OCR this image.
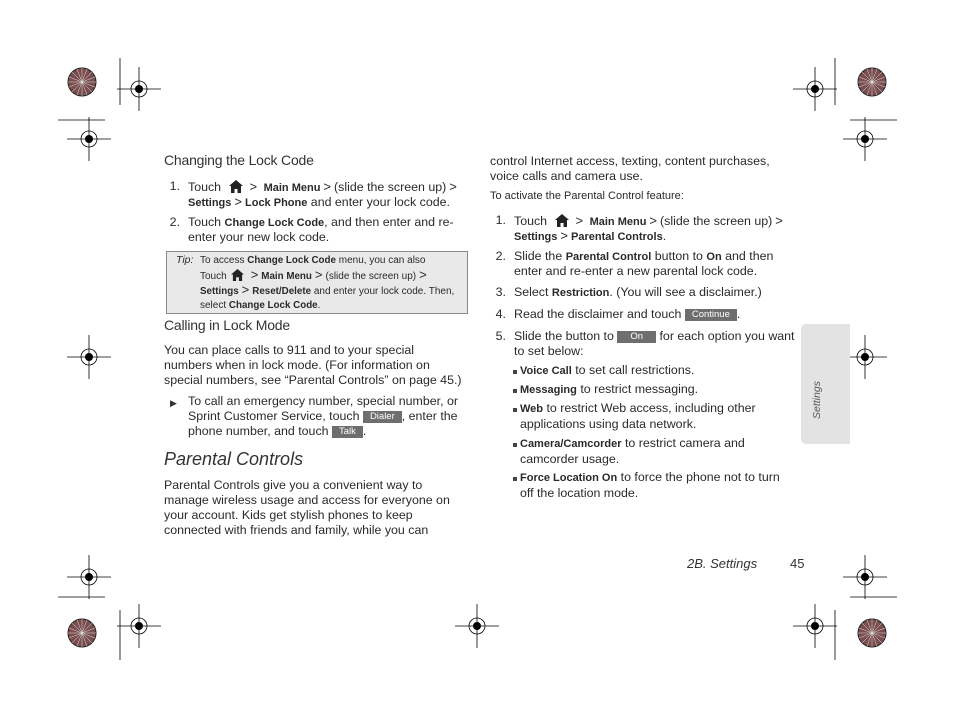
Changing the Lock Code
1. Touch > Main Menu > (slide the screen up) >
Settings > Lock Phone and enter your lock code.
2. Touch Change Lock Code, and then enter and re-
enter your new lock code.
Tip: To access Change Lock Code menu, you can also
Touch > Main Menu > (slide the screen up) >
Settings > Reset/Delete and enter your lock code. Then,
select Change Lock Code.
Calling in Lock Mode
You can place calls to 911 and to your special
numbers when in lock mode. (For information on
special numbers, see “Parental Controls” on page 45.)
▶ To call an emergency number, special number, or
Sprint Customer Service, touch Dialer , enter the
phone number, and touch Talk .
Parental Controls
Parental Controls give you a convenient way to
manage wireless usage and access for everyone on
your account. Kids get stylish phones to keep
connected with friends and family, while you can
control Internet access, texting, content purchases,
voice calls and camera use.
To activate the Parental Control feature:
1. Touch > Main Menu > (slide the screen up) >
Settings > Parental Controls.
2. Slide the Parental Control button to On and then
enter and re-enter a new parental lock code.
3. Select Restriction. (You will see a disclaimer.)
4. Read the disclaimer and touch Continue .
5. Slide the button to On for each option you want
to set below:
Voice Call to set call restrictions.
Messaging to restrict messaging.
Web to restrict Web access, including other
applications using data network.
Camera/Camcorder to restrict camera and
camcorder usage.
Force Location On to force the phone not to turn
off the location mode.
Settings
2B. Settings	45
